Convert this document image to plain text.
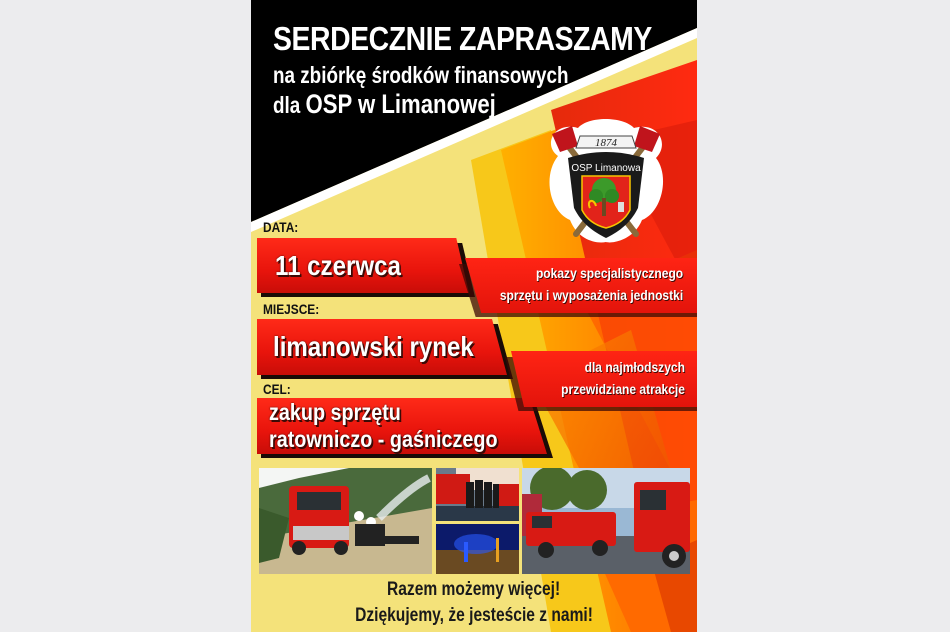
SERDECZNIE ZAPRASZAMY
na zbiórkę środków finansowych
dla OSP w Limanowej
1874
OSP Limanowa
DATA:
11 czerwca
MIEJSCE:
limanowski rynek
CEL:
zakup sprzętu
ratowniczo - gaśniczego
pokazy specjalistycznego
sprzętu i wyposażenia jednostki
dla najmłodszych
przewidziane atrakcje
Razem możemy więcej!
Dziękujemy, że jesteście z nami!
